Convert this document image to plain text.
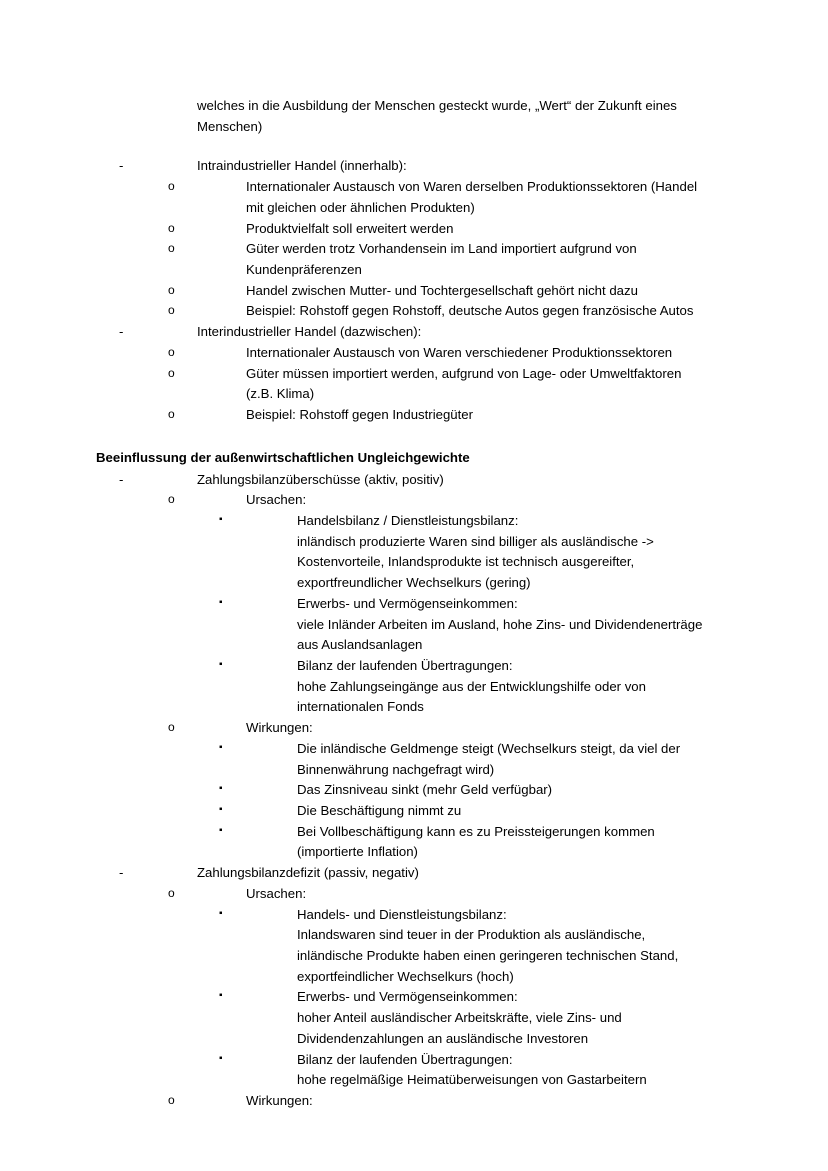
welches in die Ausbildung der Menschen gesteckt wurde, „Wert“ der Zukunft eines Menschen)
-	Intraindustrieller Handel (innerhalb):
o	Internationaler Austausch von Waren derselben Produktionssektoren (Handel mit gleichen oder ähnlichen Produkten)
o	Produktvielfalt soll erweitert werden
o	Güter werden trotz Vorhandensein im Land importiert aufgrund von Kundenpräferenzen
o	Handel zwischen Mutter- und Tochtergesellschaft gehört nicht dazu
o	Beispiel: Rohstoff gegen Rohstoff, deutsche Autos gegen französische Autos
-	Interindustrieller Handel (dazwischen):
o	Internationaler Austausch von Waren verschiedener Produktionssektoren
o	Güter müssen importiert werden, aufgrund von Lage- oder Umweltfaktoren (z.B. Klima)
o	Beispiel: Rohstoff gegen Industriegüter
Beeinflussung der außenwirtschaftlichen Ungleichgewichte
-	Zahlungsbilanzüberschüsse (aktiv, positiv)
o	Ursachen:
▪	Handelsbilanz / Dienstleistungsbilanz:
inländisch produzierte Waren sind billiger als ausländische -> Kostenvorteile, Inlandsprodukte ist technisch ausgereifter, exportfreundlicher Wechselkurs (gering)
▪	Erwerbs- und Vermögenseinkommen:
viele Inländer Arbeiten im Ausland, hohe Zins- und Dividendenerträge aus Auslandsanlagen
▪	Bilanz der laufenden Übertragungen:
hohe Zahlungseingänge aus der Entwicklungshilfe oder von internationalen Fonds
o	Wirkungen:
▪	Die inländische Geldmenge steigt (Wechselkurs steigt, da viel der Binnenwährung nachgefragt wird)
▪	Das Zinsniveau sinkt (mehr Geld verfügbar)
▪	Die Beschäftigung nimmt zu
▪	Bei Vollbeschäftigung kann es zu Preissteigerungen kommen (importierte Inflation)
-	Zahlungsbilanzdefizit (passiv, negativ)
o	Ursachen:
▪	Handels- und Dienstleistungsbilanz:
Inlandswaren sind teuer in der Produktion als ausländische, inländische Produkte haben einen geringeren technischen Stand, exportfeindlicher Wechselkurs (hoch)
▪	Erwerbs- und Vermögenseinkommen:
hoher Anteil ausländischer Arbeitskräfte, viele Zins- und Dividendenzahlungen an ausländische Investoren
▪	Bilanz der laufenden Übertragungen:
hohe regelmäßige Heimatüberweisungen von Gastarbeitern
o	Wirkungen:
